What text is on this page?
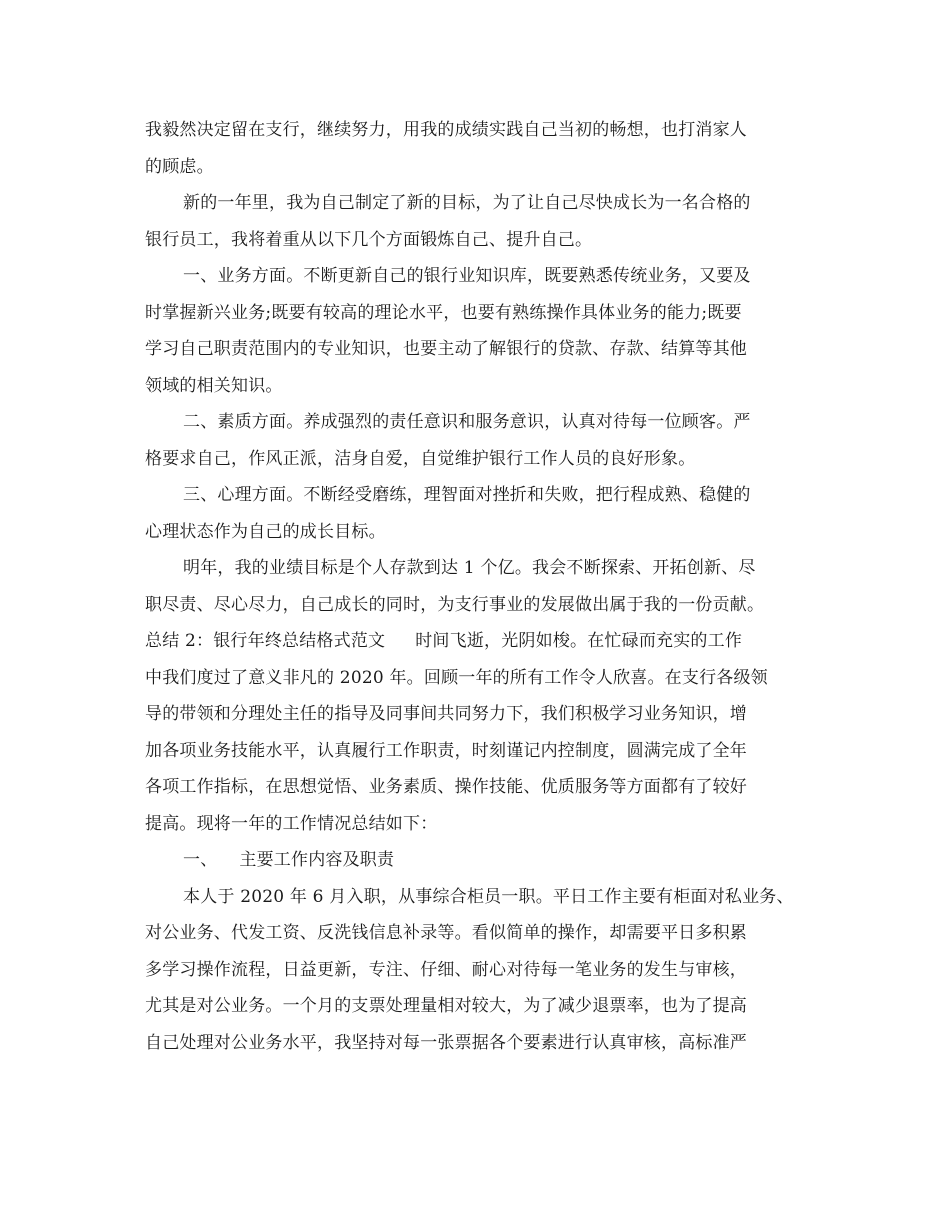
我毅然决定留在支行，继续努力，用我的成绩实践自己当初的畅想，也打消家人
的顾虑。
新的一年里，我为自己制定了新的目标，为了让自己尽快成长为一名合格的
银行员工，我将着重从以下几个方面锻炼自己、提升自己。
一、业务方面。不断更新自己的银行业知识库，既要熟悉传统业务，又要及
时掌握新兴业务;既要有较高的理论水平，也要有熟练操作具体业务的能力;既要
学习自己职责范围内的专业知识，也要主动了解银行的贷款、存款、结算等其他
领域的相关知识。
二、素质方面。养成强烈的责任意识和服务意识，认真对待每一位顾客。严
格要求自己，作风正派，洁身自爱，自觉维护银行工作人员的良好形象。
三、心理方面。不断经受磨练，理智面对挫折和失败，把行程成熟、稳健的
心理状态作为自己的成长目标。
明年，我的业绩目标是个人存款到达 1 个亿。我会不断探索、开拓创新、尽
职尽责、尽心尽力，自己成长的同时，为支行事业的发展做出属于我的一份贡献。
总结 2：银行年终总结格式范文 时间飞逝，光阴如梭。在忙碌而充实的工作
中我们度过了意义非凡的 2020 年。回顾一年的所有工作令人欣喜。在支行各级领
导的带领和分理处主任的指导及同事间共同努力下，我们积极学习业务知识，增
加各项业务技能水平，认真履行工作职责，时刻谨记内控制度，圆满完成了全年
各项工作指标，在思想觉悟、业务素质、操作技能、优质服务等方面都有了较好
提高。现将一年的工作情况总结如下：
一、 主要工作内容及职责
本人于 2020 年 6 月入职，从事综合柜员一职。平日工作主要有柜面对私业务、
对公业务、代发工资、反洗钱信息补录等。看似简单的操作，却需要平日多积累
多学习操作流程，日益更新，专注、仔细、耐心对待每一笔业务的发生与审核，
尤其是对公业务。一个月的支票处理量相对较大，为了减少退票率，也为了提高
自己处理对公业务水平，我坚持对每一张票据各个要素进行认真审核，高标准严
